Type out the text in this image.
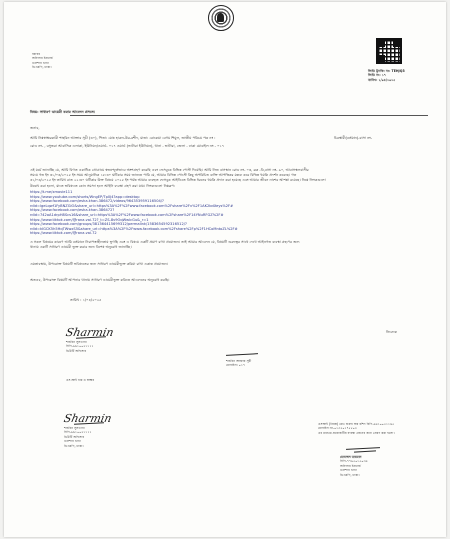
বরাবর
অফিসার ইনচার্জ
গুলশান থানা
ডিএমপি, ঢাকা।
জিডি ট্র্যাকিং নং: TEHJQ3
জিডি নং: ১৭
তারিখ: ১/০৪/২০২৫
বিষয়: সাধারণ ডায়েরী করার আবেদন প্রসঙ্গে।
জনাব,
আমি নিম্নস্বাক্ষরকারী শাহরিন আক্তার সূচী (৩০), পিতা: মোঃ হারুন-উর-রশীদ, মাতা: রোকেয়া বেগম শিমুল, জাতীয় পরিচয় পত্র নং :	চিরস্থায়ী(বর্তমান)-বাসা নং-
রোড নং- , বসুন্ধরা আবাসিক এলাকা, ইউনিয়ন/ওয়ার্ড- ০১৭ ওয়ার্ড (ভাটারা ইউনিয়ন), থানা - ভাটারা, জেলা - ঢাকা মোবাইল নং - ০১৭
এই মর্মে জানাচ্ছি যে, আমি বিগত একাধিক প্রোগ্রামে স্বতঃস্ফূর্তভাবে অংশগ্রহণ করেছি এবং ফেসবুকে বিভিন্ন পোস্ট দিয়েছি। আমি নিজ বাসস্থান রোড নং- ০৩, ব্লক -বি,বাসা নং- ৯০, আবাসস্থলবাসীর
সময়ে গত ইং ৩১/০৩/২০২৫ ইং সময় আনুমানিক ১৮:৩০ ঘটিকার সময় জানতে পারি যে, আমার বিভিন্ন পোস্টে কিছু অপরিচিত ব্যক্তি আপত্তিকর মন্তব্য করে বিভিন্ন হুমকি প্রদর্শন করেছে। গত
৩১/০৩/২০২৫ ইং তারিখ রাত ২২:৩০ ঘটিকার উক্ত বিষয়ে ২০২৫ ইং পর্যন্ত আমার ব্যবহৃত ফেসবুক আইডিতে বিভিন্ন ধরনের হুমকি প্রদান করা হয়েছে এবং আমার জীবন নাশের আশঙ্কা রয়েছে। নিম্নে লিংকগুলো
উল্লেখ করা হলো, যাতে ভবিষ্যতে কোন সমস্যা হলে আইনি ব্যবস্থা গ্রহণ করা যায়। লিংকগুলো নিম্নরূপ:
https://t.me/xmovie111
https://www.youtube.com/shorts/WngEP/Tp0J4?app=desktop
https://www.facebook.com/esha.khan.386472/videos/964353959116504/?
rdid=lgeLqwf1FyBNZGiO&share_url=https%3A%2F%2Fwww.facebook.com%2Fshare%2Fv%2F1AK2bdXeys%2F#
https://www.facebook.com/esha.khan.386472?
rdid=742oA1drpH8Scs16&share_url=https%3A%2F%2Fwww.facebook.com%2Fshare%2F14YNuRFGZ%2F#
https://www.tiktok.com/@rana.vai.72?_t=ZS-8v9OqWwlcGu&_r=1
https://www.facebook.com/groups/381364415699312/permalink/1583654592316512/?
rdid=kIGCK5h5HqTWwxS5&share_url=https%3A%2F%2Fwww.facebook.com%2Fshare%2Fp%2F1HCoMntoZL%2F#
https://www.tiktok.com/@rana.vai.72
এ সকল বিষয়ের কারণে আমি বর্তমানে নিরাপত্তাহীনতায় ভুগছি এবং এ বিষয়ে একটি প্রমাণ রাখা প্রয়োজন। তাই আমার আবেদন যে, বিষয়টি গুরুত্বের সাথে দেখে আইনগত ব্যবস্থা গ্রহণের জন্য
থানায় একটি সাধারণ ডায়েরী ভুক্ত করার জন্য বিশেষ অনুরোধ জানাচ্ছি।
এমতাবস্থায়, উপরোক্ত বিষয়টি ভবিষ্যতের জন্য সাধারণ ডায়েরীভুক্ত করিয়া রাখা একান্ত প্রয়োজন।
অতএব, উপরোক্ত বিষয়টি আপনার থানায় সাধারণ ডায়েরীভুক্ত করিতে আবেদনের অনুরোধ করছি।
তারিখ : ১/০৪/২০২৫
নিবেদক
Sharmin
শাহরিন সুলতানা
বিপি-৯৬১০০২১১১১
ডিউটি অফিসার
শাহরিন আক্তার সূচী
মোবাইল: ০১৭
এস.আই নাম ও স্বাক্ষর
Sharmin
শাহরিন সুলতানা
বিপি-৯৬১০০২১১১১
ডিউটি অফিসার
গুলশান থানা
ডিএমপি, ঢাকা।
এসআই (নিরস্ত্র) মোঃ হারুন অর রশিদ বিপি-৯৬১০০২১১৬৫
মোবাইল নং-০১৩২০১৭৫৫০৩
এর মাধ্যমে প্রয়োজনীয় ব্যবস্থা গ্রহণের জন্য প্রেরণ করা হলো।
মোহাম্মদ তায়মান
বিপি-৭৭৯৫০১৫০৩৬
অফিসার ইনচার্জ
গুলশান থানা
ডিএমপি, ঢাকা।
